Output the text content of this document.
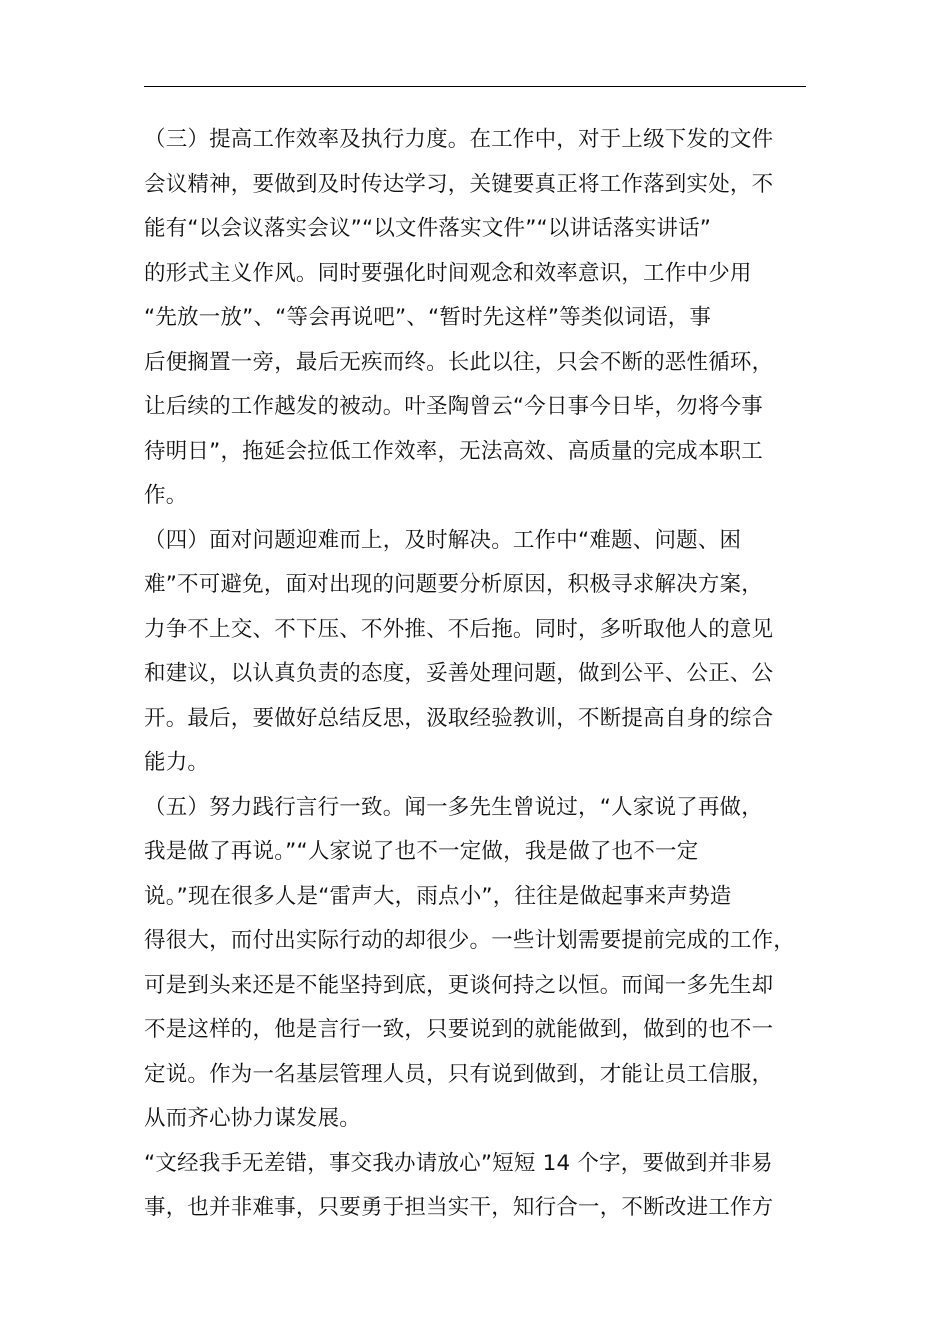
（三）提高工作效率及执行力度。在工作中，对于上级下发的文件
会议精神，要做到及时传达学习，关键要真正将工作落到实处，不
能有“以会议落实会议”“以文件落实文件”“以讲话落实讲话”
的形式主义作风。同时要强化时间观念和效率意识，工作中少用
“先放一放”、“等会再说吧”、“暂时先这样”等类似词语，事
后便搁置一旁，最后无疾而终。长此以往，只会不断的恶性循环，
让后续的工作越发的被动。叶圣陶曾云“今日事今日毕，勿将今事
待明日”，拖延会拉低工作效率，无法高效、高质量的完成本职工
作。
（四）面对问题迎难而上，及时解决。工作中“难题、问题、困
难”不可避免，面对出现的问题要分析原因，积极寻求解决方案，
力争不上交、不下压、不外推、不后拖。同时，多听取他人的意见
和建议，以认真负责的态度，妥善处理问题，做到公平、公正、公
开。最后，要做好总结反思，汲取经验教训，不断提高自身的综合
能力。
（五）努力践行言行一致。闻一多先生曾说过，“人家说了再做，
我是做了再说。”“人家说了也不一定做，我是做了也不一定
说。”现在很多人是“雷声大，雨点小”，往往是做起事来声势造
得很大，而付出实际行动的却很少。一些计划需要提前完成的工作，
可是到头来还是不能坚持到底，更谈何持之以恒。而闻一多先生却
不是这样的，他是言行一致，只要说到的就能做到，做到的也不一
定说。作为一名基层管理人员，只有说到做到，才能让员工信服，
从而齐心协力谋发展。
“文经我手无差错，事交我办请放心”短短 14 个字，要做到并非易
事，也并非难事，只要勇于担当实干，知行合一，不断改进工作方
